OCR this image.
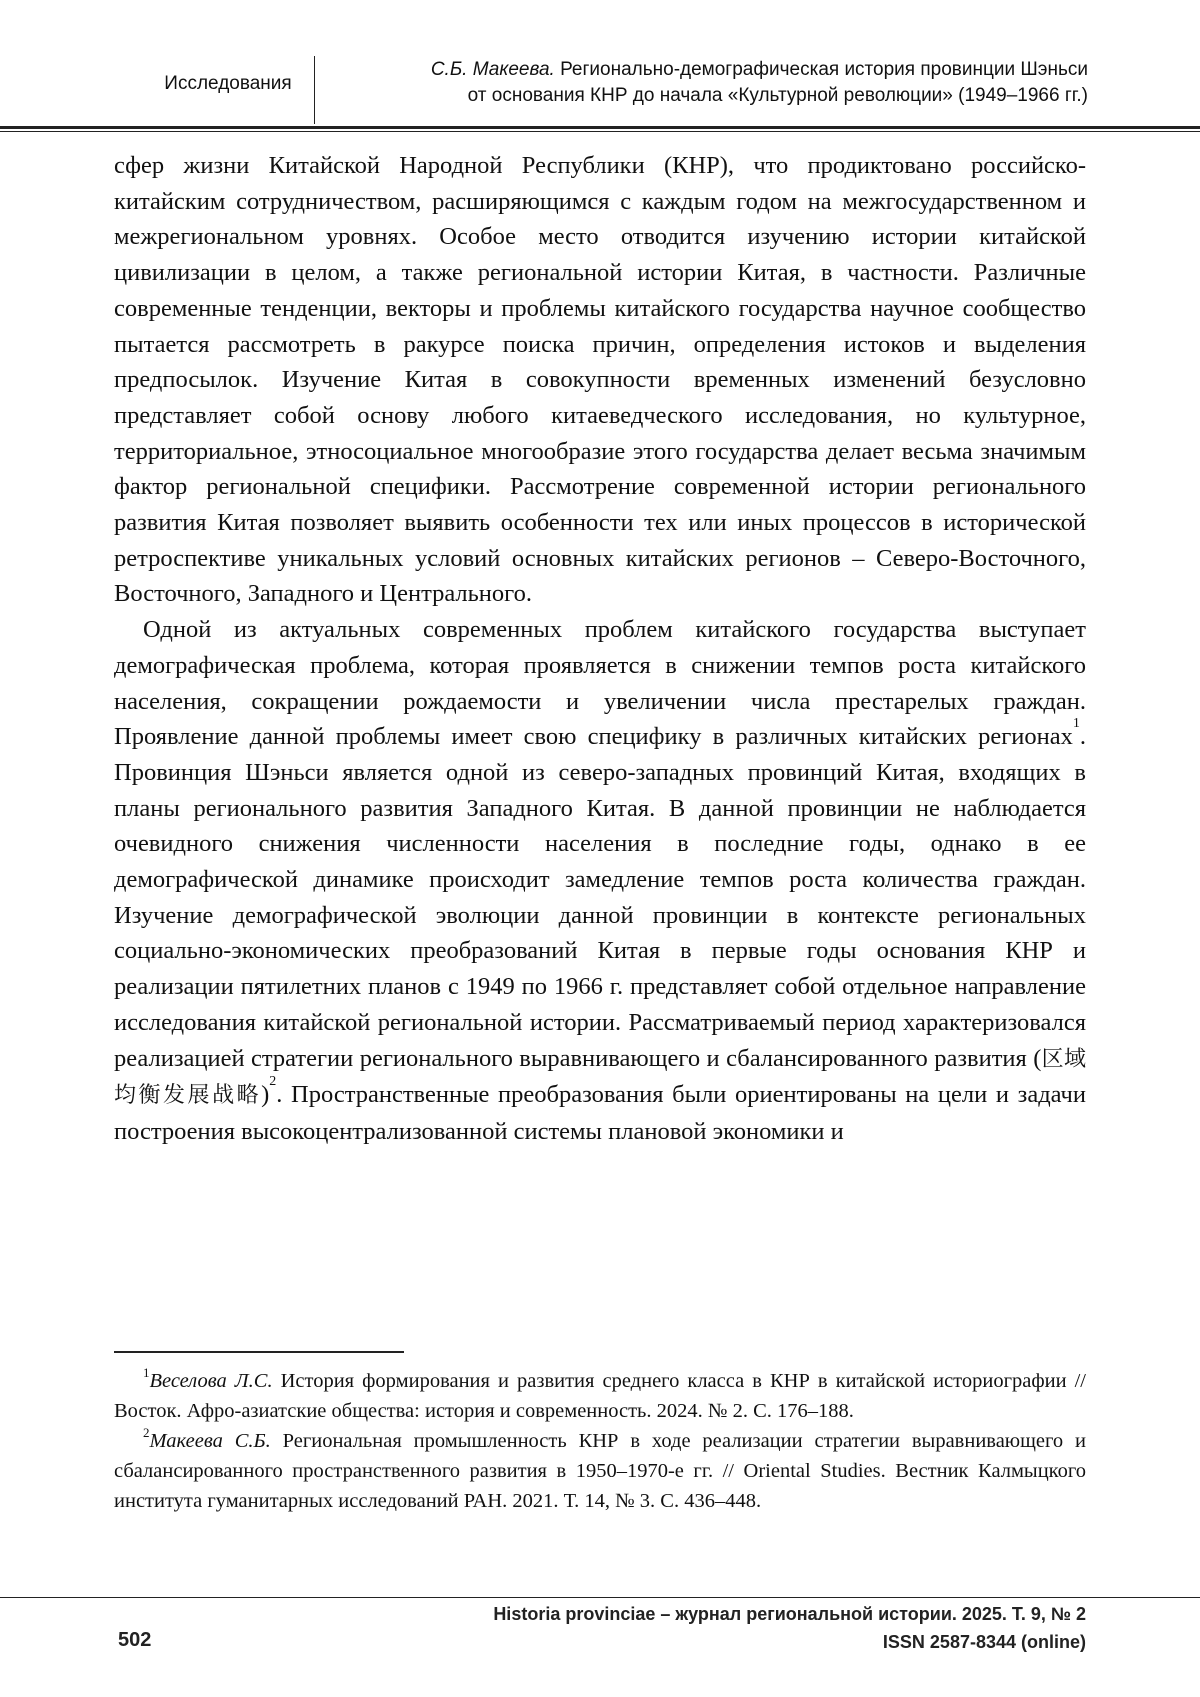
Исследования
С.Б. Макеева. Регионально-демографическая история провинции Шэньси
от основания КНР до начала «Культурной революции» (1949–1966 гг.)

сфер жизни Китайской Народной Республики (КНР), что продиктовано российско-китайским сотрудничеством, расширяющимся с каждым годом на межгосударственном и межрегиональном уровнях. Особое место отводится изучению истории китайской цивилизации в целом, а также региональной истории Китая, в частности. Различные современные тенденции, векторы и проблемы китайского государства научное сообщество пытается рассмотреть в ракурсе поиска причин, определения истоков и выделения предпосылок. Изучение Китая в совокупности временных изменений безусловно представляет собой основу любого китаеведческого исследования, но культурное, территориальное, этносоциальное многообразие этого государства делает весьма значимым фактор региональной специфики. Рассмотрение современной истории регионального развития Китая позволяет выявить особенности тех или иных процессов в исторической ретроспективе уникальных условий основных китайских регионов – Северо-Восточного, Восточного, Западного и Центрального.

Одной из актуальных современных проблем китайского государства выступает демографическая проблема, которая проявляется в снижении темпов роста китайского населения, сокращении рождаемости и увеличении числа престарелых граждан. Проявление данной проблемы имеет свою специфику в различных китайских регионах$^1$. Провинция Шэньси является одной из северо-западных провинций Китая, входящих в планы регионального развития Западного Китая. В данной провинции не наблюдается очевидного снижения численности населения в последние годы, однако в ее демографической динамике происходит замедление темпов роста количества граждан. Изучение демографической эволюции данной провинции в контексте региональных социально-экономических преобразований Китая в первые годы основания КНР и реализации пятилетних планов с 1949 по 1966 г. представляет собой отдельное направление исследования китайской региональной истории. Рассматриваемый период характеризовался реализацией стратегии регионального выравнивающего и сбалансированного развития (区域均衡发展战略)$^2$. Пространственные преобразования были ориентированы на цели и задачи построения высокоцентрализованной системы плановой экономики и

$^1$Веселова Л.С. История формирования и развития среднего класса в КНР в китайской историографии // Восток. Афро-азиатские общества: история и современность. 2024. № 2. С. 176–188.

$^2$Макеева С.Б. Региональная промышленность КНР в ходе реализации стратегии выравнивающего и сбалансированного пространственного развития в 1950–1970-е гг. // Oriental Studies. Вестник Калмыцкого института гуманитарных исследований РАН. 2021. Т. 14, № 3. С. 436–448.

Historia provinciae – журнал региональной истории. 2025. Т. 9, № 2
ISSN 2587-8344 (online)
502
